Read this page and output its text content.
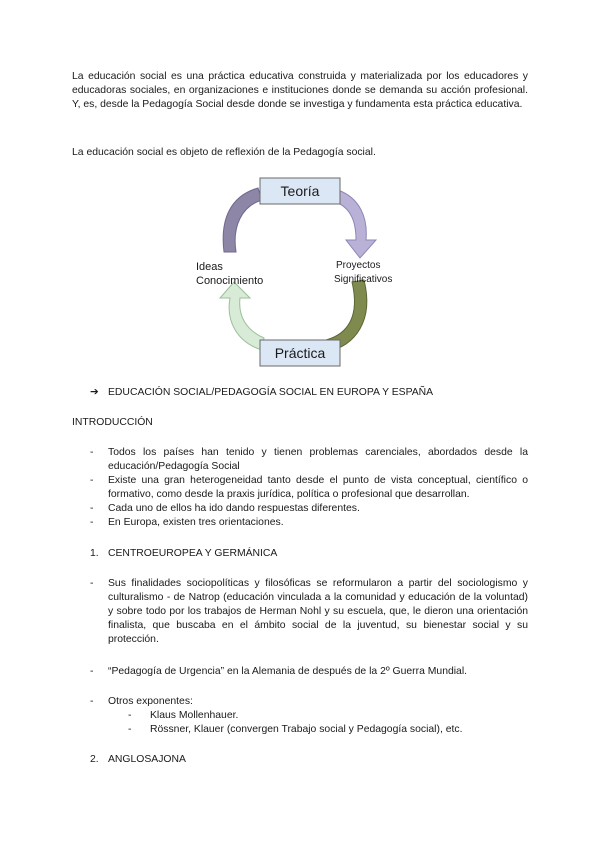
La educación social es una práctica educativa construida y materializada por los educadores y educadoras sociales, en organizaciones e instituciones donde se demanda su acción profesional. Y, es, desde la Pedagogía Social desde donde se investiga y fundamenta esta práctica educativa.

La educación social es objeto de reflexión de la Pedagogía social.

Teoría
Práctica
Ideas
Conocimiento
Proyectos
Significativos

➔ EDUCACIÓN SOCIAL/PEDAGOGÍA SOCIAL EN EUROPA Y ESPAÑA

INTRODUCCIÓN

- Todos los países han tenido y tienen problemas carenciales, abordados desde la educación/Pedagogía Social
- Existe una gran heterogeneidad tanto desde el punto de vista conceptual, científico o formativo, como desde la praxis jurídica, política o profesional que desarrollan.
- Cada uno de ellos ha ido dando respuestas diferentes.
- En Europa, existen tres orientaciones.

1. CENTROEUROPEA Y GERMÁNICA

- Sus finalidades sociopolíticas y filosóficas se reformularon a partir del sociologismo y culturalismo - de Natrop (educación vinculada a la comunidad y educación de la voluntad) y sobre todo por los trabajos de Herman Nohl y su escuela, que, le dieron una orientación finalista, que buscaba en el ámbito social de la juventud, su bienestar social y su protección.
- “Pedagogía de Urgencia” en la Alemania de después de la 2º Guerra Mundial.
- Otros exponentes:
- Klaus Mollenhauer.
- Rössner, Klauer (convergen Trabajo social y Pedagogía social), etc.

2. ANGLOSAJONA
